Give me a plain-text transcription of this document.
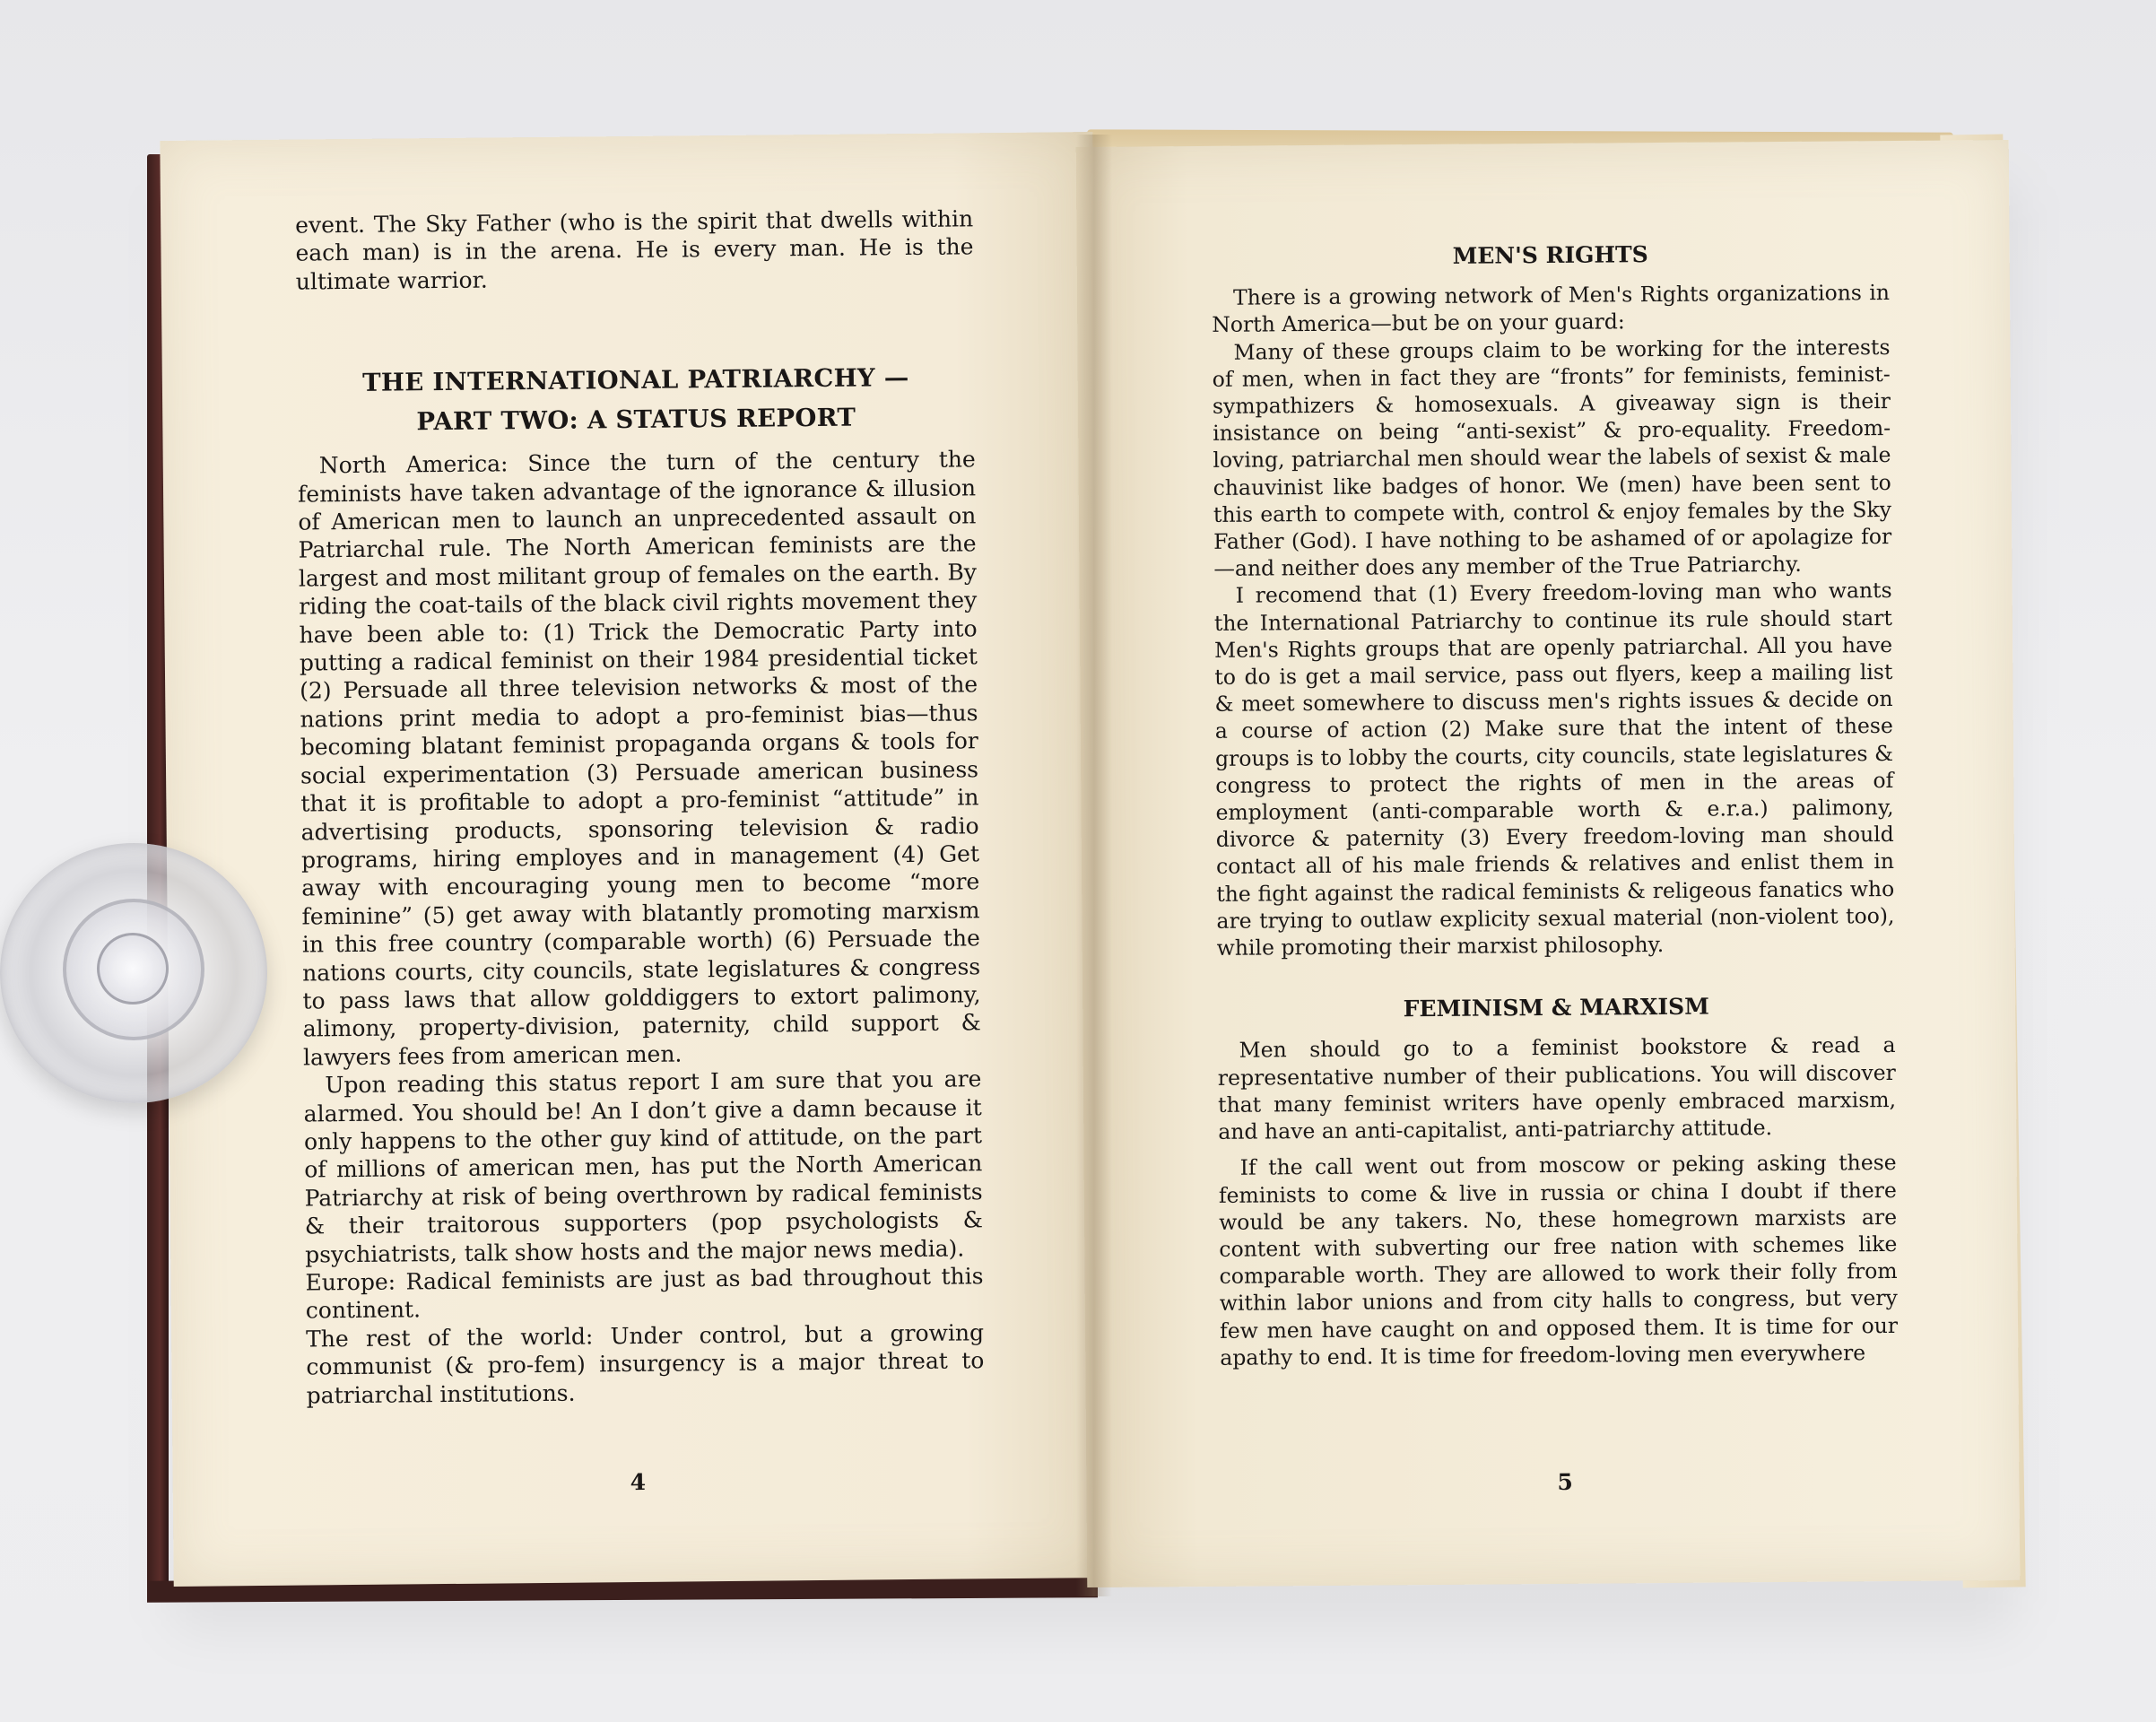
event. The Sky Father (who is the spirit that dwells within each man) is in the arena. He is every man. He is the ultimate warrior.

THE INTERNATIONAL PATRIARCHY —
PART TWO: A STATUS REPORT

North America: Since the turn of the century the feminists have taken advantage of the ignorance & illusion of American men to launch an unprecedented assault on Patriarchal rule. The North American feminists are the largest and most militant group of females on the earth. By riding the coat-tails of the black civil rights movement they have been able to: (1) Trick the Democratic Party into putting a radical feminist on their 1984 presidential ticket (2) Persuade all three television networks & most of the nations print media to adopt a pro-feminist bias—thus becoming blatant feminist propaganda organs & tools for social experimentation (3) Persuade american business that it is profitable to adopt a pro-feminist “attitude” in advertising products, sponsoring television & radio programs, hiring employes and in management (4) Get away with encouraging young men to become “more feminine” (5) get away with blatantly promoting marxism in this free country (comparable worth) (6) Persuade the nations courts, city councils, state legislatures & congress to pass laws that allow golddiggers to extort palimony, alimony, property-division, paternity, child support & lawyers fees from american men.

Upon reading this status report I am sure that you are alarmed. You should be! An I don’t give a damn because it only happens to the other guy kind of attitude, on the part of millions of american men, has put the North American Patriarchy at risk of being overthrown by radical feminists & their traitorous supporters (pop psychologists & psychiatrists, talk show hosts and the major news media).

Europe: Radical feminists are just as bad throughout this continent.

The rest of the world: Under control, but a growing communist (& pro-fem) insurgency is a major threat to patriarchal institutions.

4

MEN'S RIGHTS

There is a growing network of Men's Rights organizations in North America—but be on your guard:

Many of these groups claim to be working for the interests of men, when in fact they are “fronts” for feminists, feminist-sympathizers & homosexuals. A giveaway sign is their insistance on being “anti-sexist” & pro-equality. Freedom-loving, patriarchal men should wear the labels of sexist & male chauvinist like badges of honor. We (men) have been sent to this earth to compete with, control & enjoy females by the Sky Father (God). I have nothing to be ashamed of or apolagize for—and neither does any member of the True Patriarchy.

I recomend that (1) Every freedom-loving man who wants the International Patriarchy to continue its rule should start Men's Rights groups that are openly patriarchal. All you have to do is get a mail service, pass out flyers, keep a mailing list & meet somewhere to discuss men's rights issues & decide on a course of action (2) Make sure that the intent of these groups is to lobby the courts, city councils, state legislatures & congress to protect the rights of men in the areas of employment (anti-comparable worth & e.r.a.) palimony, divorce & paternity (3) Every freedom-loving man should contact all of his male friends & relatives and enlist them in the fight against the radical feminists & religeous fanatics who are trying to outlaw explicity sexual material (non-violent too), while promoting their marxist philosophy.

FEMINISM & MARXISM

Men should go to a feminist bookstore & read a representative number of their publications. You will discover that many feminist writers have openly embraced marxism, and have an anti-capitalist, anti-patriarchy attitude.

If the call went out from moscow or peking asking these feminists to come & live in russia or china I doubt if there would be any takers. No, these homegrown marxists are content with subverting our free nation with schemes like comparable worth. They are allowed to work their folly from within labor unions and from city halls to congress, but very few men have caught on and opposed them. It is time for our apathy to end. It is time for freedom-loving men everywhere

5
